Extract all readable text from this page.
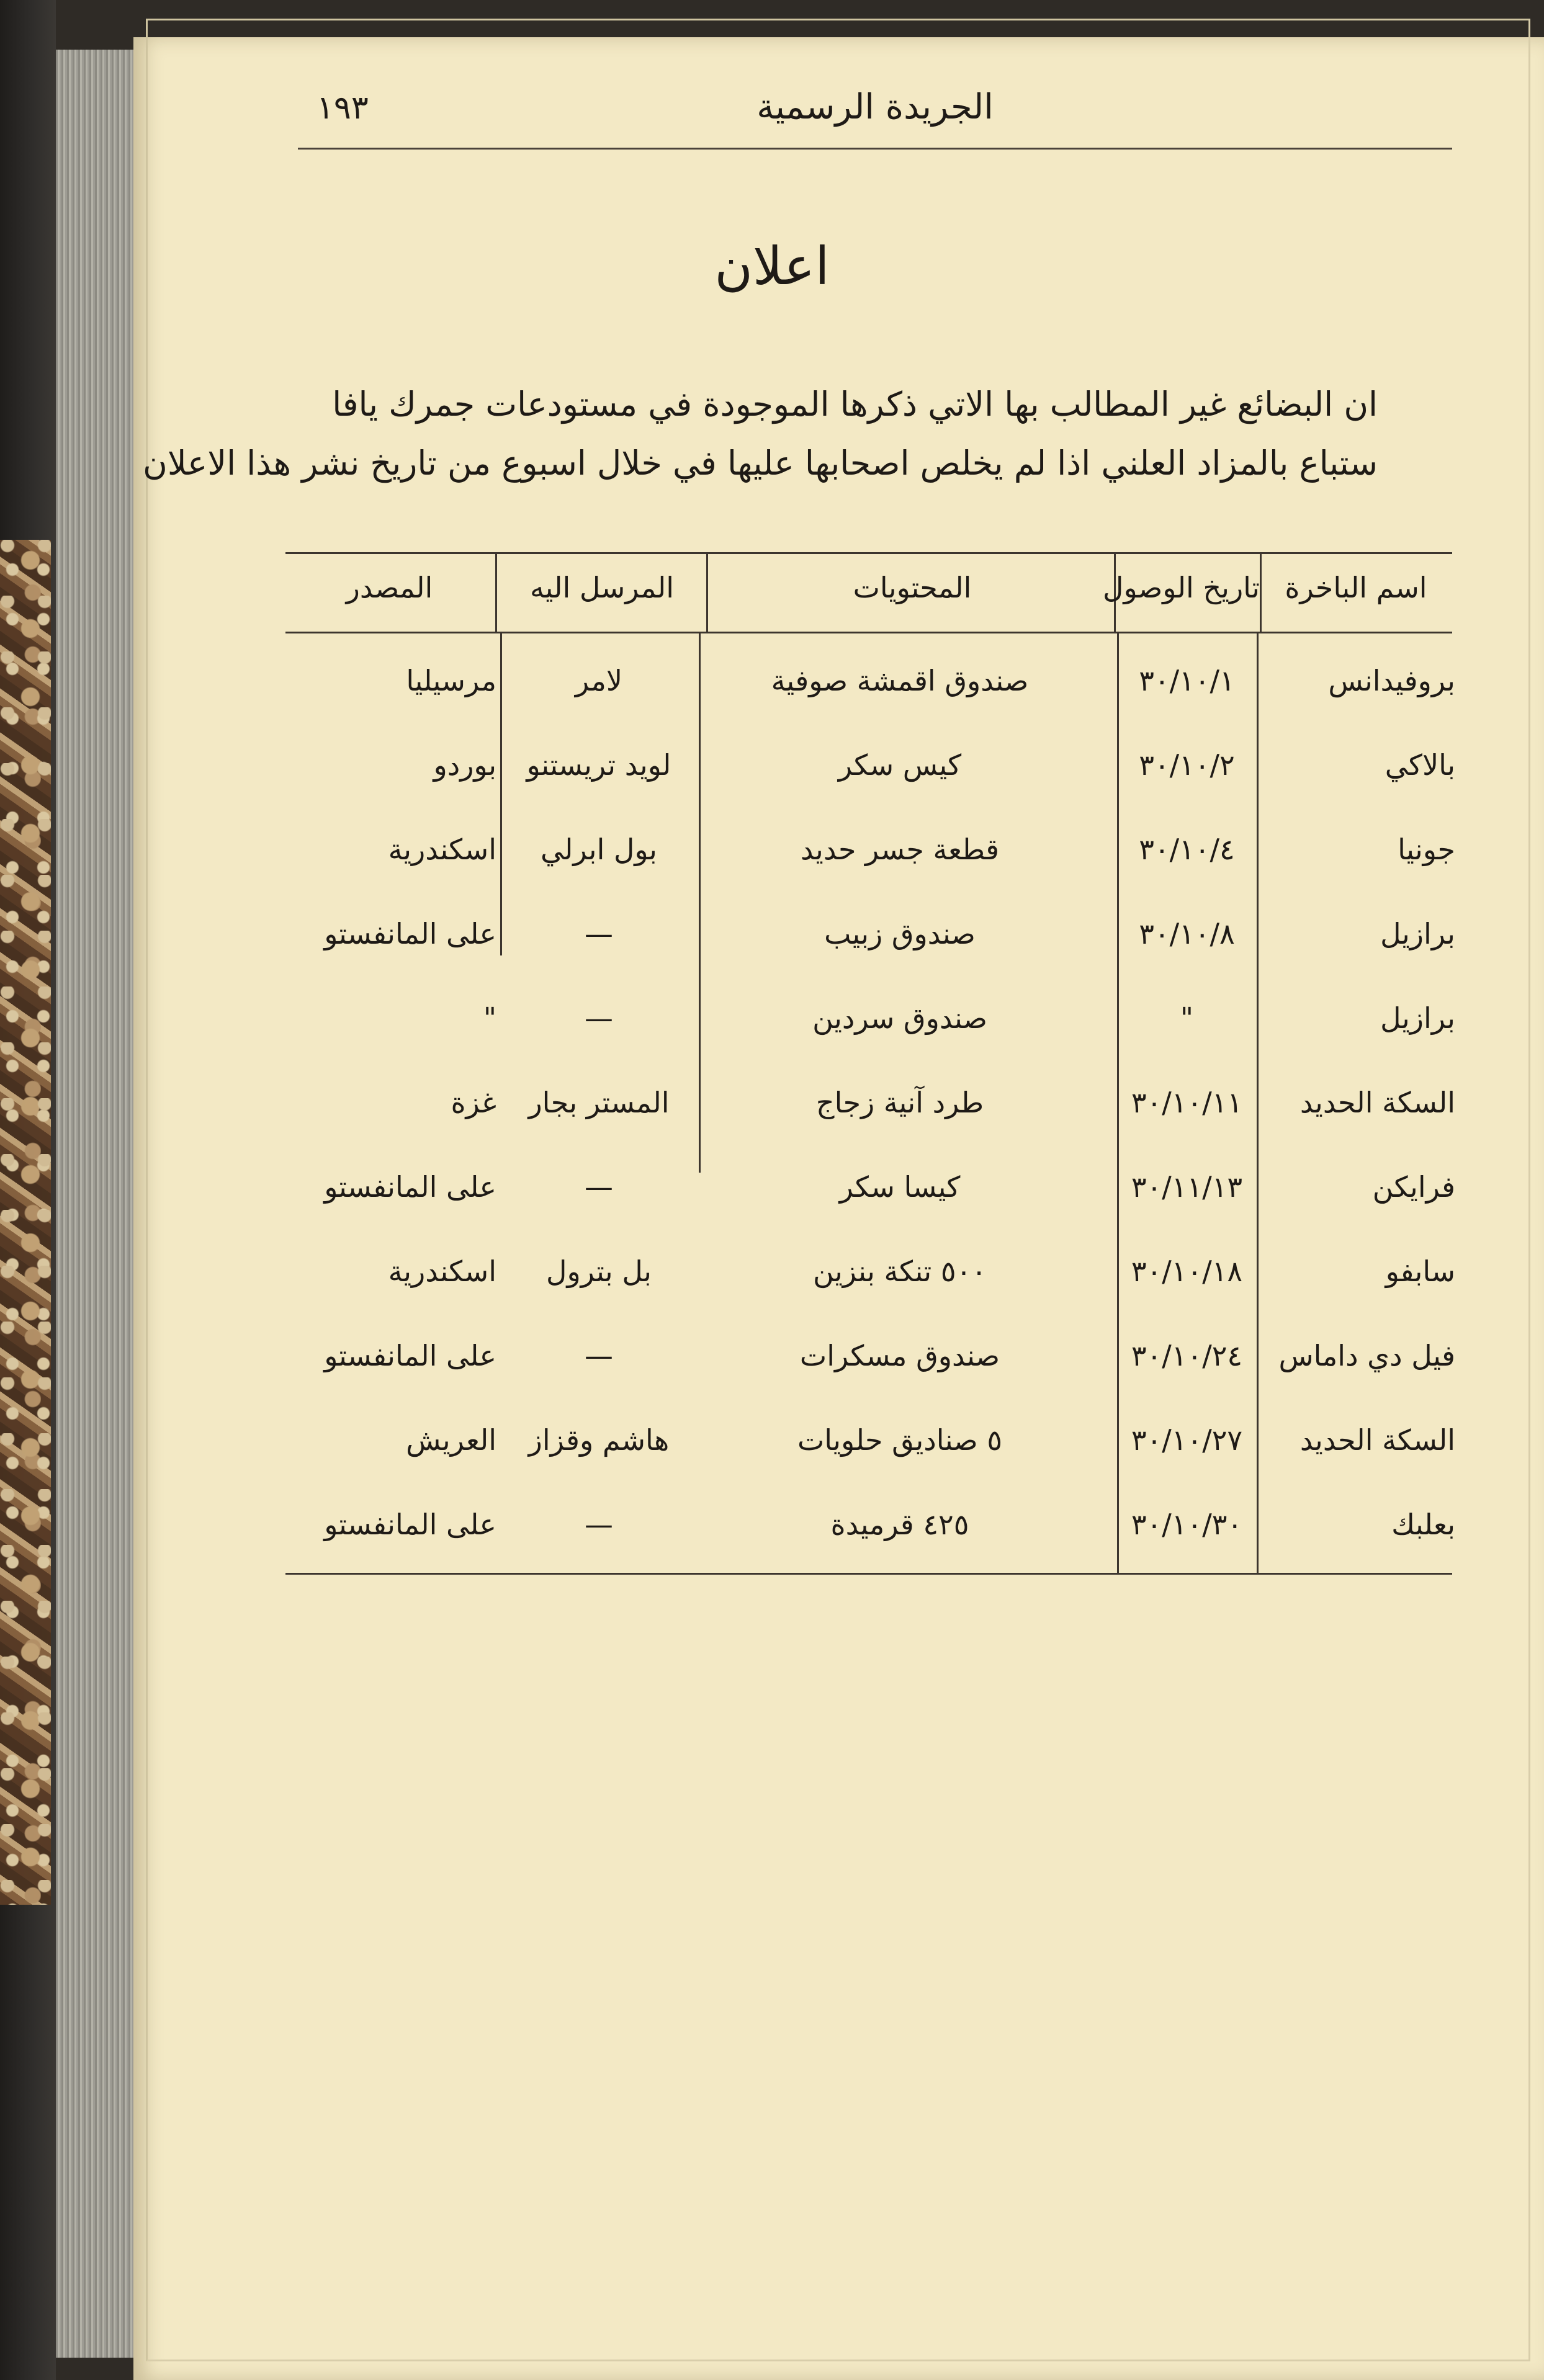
الجريدة الرسمية
١٩٣
اعلان
ان البضائع غير المطالب بها الاتي ذكرها الموجودة في مستودعات جمرك يافا
ستباع بالمزاد العلني اذا لم يخلص اصحابها عليها في خلال اسبوع من تاريخ نشر هذا الاعلان
اسم الباخرة
تاريخ الوصول
المحتويات
المرسل اليه
المصدر
بروفيدانس
٣٠/١٠/١
صندوق اقمشة صوفية
لامر
مرسيليا
بالاكي
٣٠/١٠/٢
كيس سكر
لويد تريستنو
بوردو
جونيا
٣٠/١٠/٤
قطعة جسر حديد
بول ابرلي
اسكندرية
برازيل
٣٠/١٠/٨
صندوق زبيب
—
على المانفستو
برازيل
"
صندوق سردين
—
"
السكة الحديد
٣٠/١٠/١١
طرد آنية زجاج
المستر بجار
غزة
فرايكن
٣٠/١١/١٣
كيسا سكر
—
على المانفستو
سابفو
٣٠/١٠/١٨
٥٠٠ تنكة بنزين
بل بترول
اسكندرية
فيل دي داماس
٣٠/١٠/٢٤
صندوق مسكرات
—
على المانفستو
السكة الحديد
٣٠/١٠/٢٧
٥ صناديق حلويات
هاشم وقزاز
العريش
بعلبك
٣٠/١٠/٣٠
٤٢٥ قرميدة
—
على المانفستو
